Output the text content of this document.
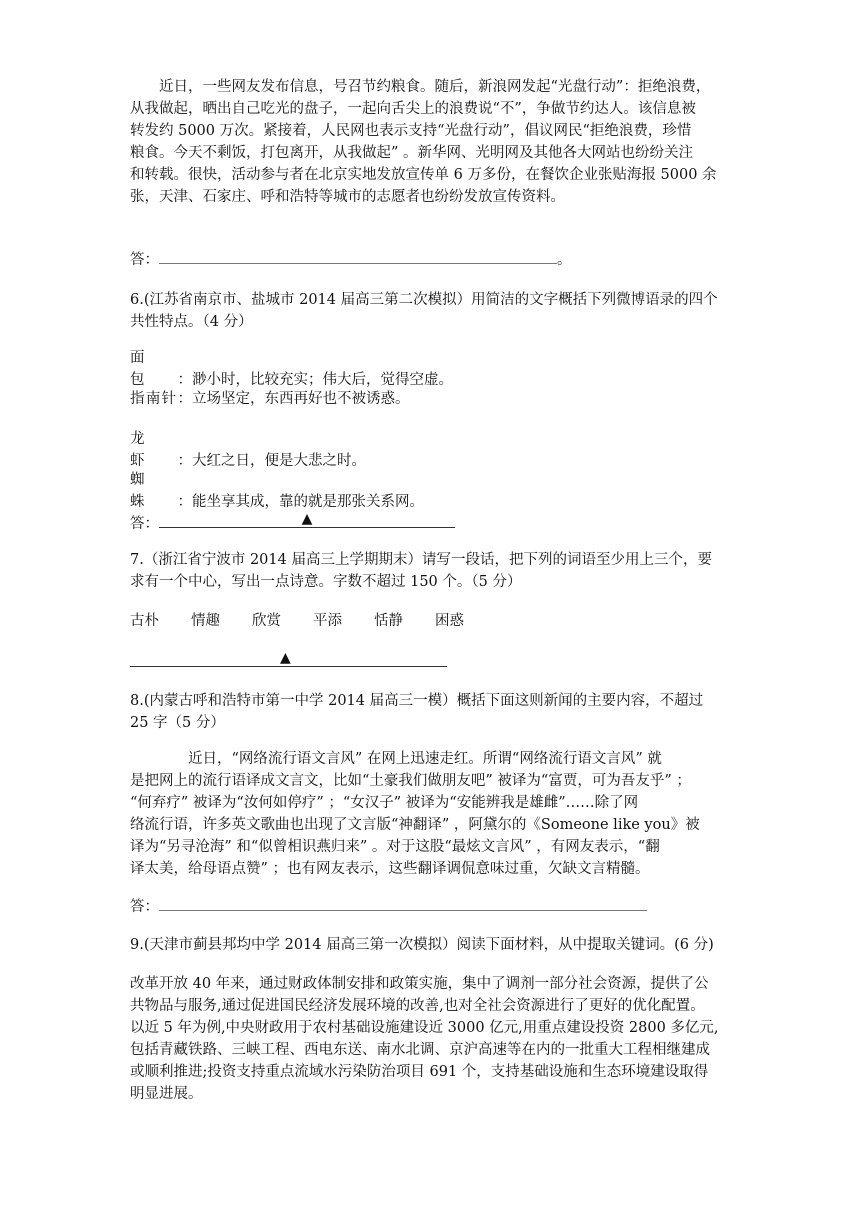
近日，一些网友发布信息，号召节约粮食。随后，新浪网发起“光盘行动”：拒绝浪费，
从我做起，晒出自己吃光的盘子，一起向舌尖上的浪费说“不”，争做节约达人。该信息被
转发约 5000 万次。紧接着，人民网也表示支持“光盘行动”，倡议网民“拒绝浪费，珍惜
粮食。今天不剩饭，打包离开，从我做起” 。新华网、光明网及其他各大网站也纷纷关注
和转载。很快，活动参与者在北京实地发放宣传单 6 万多份，在餐饮企业张贴海报 5000 余
张，天津、石家庄、呼和浩特等城市的志愿者也纷纷发放宣传资料。
答：	。
6.(江苏省南京市、盐城市 2014 届高三第二次模拟）用简洁的文字概括下列微博语录的四个
共性特点。（4 分）
面　　包：渺小时，比较充实；伟大后，觉得空虚。
指南针：立场坚定，东西再好也不被诱惑。
龙　　虾：大红之日，便是大悲之时。
蜘　　蛛：能坐享其成，靠的就是那张关系网。
答：	▲
7.（浙江省宁波市 2014 届高三上学期期末）请写一段话，把下列的词语至少用上三个，要
求有一个中心，写出一点诗意。字数不超过 150 个。（5 分）
古朴 情趣 欣赏 平添 恬静 困惑
▲
8.(内蒙古呼和浩特市第一中学 2014 届高三一模）概括下面这则新闻的主要内容，不超过
25 字（5 分）
近日，“网络流行语文言风” 在网上迅速走红。所谓“网络流行语文言风” 就
是把网上的流行语译成文言文，比如“土豪我们做朋友吧” 被译为“富贾，可为吾友乎” ；
“何弃疗” 被译为“汝何如停疗” ；“女汉子” 被译为“安能辨我是雄雌”……除了网
络流行语，许多英文歌曲也出现了文言版“神翻译” ，阿黛尔的《Someone like you》被
译为“另寻沧海” 和“似曾相识燕归来” 。对于这股“最炫文言风” ，有网友表示，“翻
译太美，给母语点赞” ；也有网友表示，这些翻译调侃意味过重，欠缺文言精髓。
答：
9.(天津市蓟县邦均中学 2014 届高三第一次模拟）阅读下面材料，从中提取关键词。(6 分)
改革开放 40 年来，通过财政体制安排和政策实施，集中了调剂一部分社会资源，提供了公
共物品与服务,通过促进国民经济发展环境的改善,也对全社会资源进行了更好的优化配置。
以近 5 年为例,中央财政用于农村基础设施建设近 3000 亿元,用重点建设投资 2800 多亿元,
包括青藏铁路、三峡工程、西电东送、南水北调、京沪高速等在内的一批重大工程相继建成
或顺利推进;投资支持重点流域水污染防治项目 691 个，支持基础设施和生态环境建设取得
明显进展。
